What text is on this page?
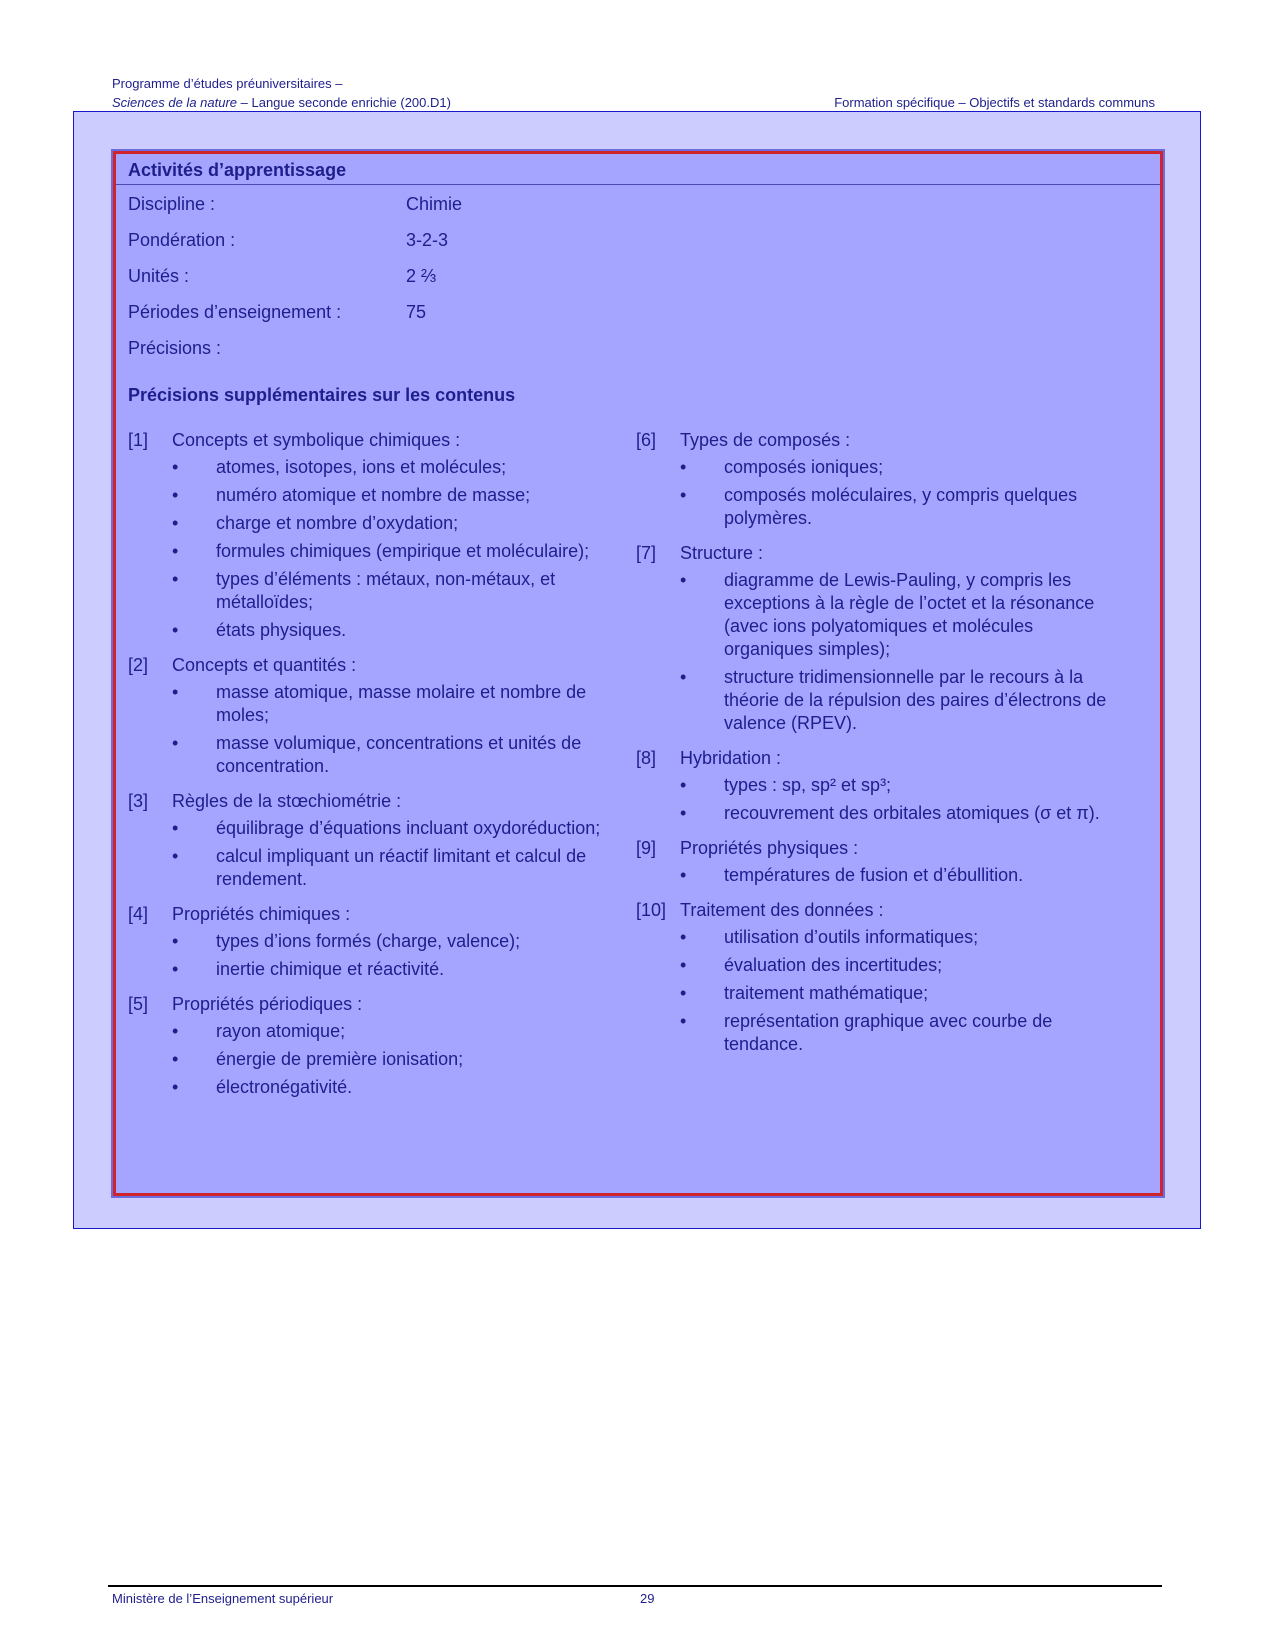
Programme d’études préuniversitaires –
Sciences de la nature – Langue seconde enrichie (200.D1)	Formation spécifique – Objectifs et standards communs
Activités d’apprentissage
Discipline :	Chimie
Pondération :	3-2-3
Unités :	2 ⅔
Périodes d’enseignement :	75
Précisions :
Précisions supplémentaires sur les contenus
[1]	Concepts et symbolique chimiques :
•	atomes, isotopes, ions et molécules;
•	numéro atomique et nombre de masse;
•	charge et nombre d’oxydation;
•	formules chimiques (empirique et moléculaire);
•	types d’éléments : métaux, non-métaux, et métalloïdes;
•	états physiques.
[2]	Concepts et quantités :
•	masse atomique, masse molaire et nombre de moles;
•	masse volumique, concentrations et unités de concentration.
[3]	Règles de la stœchiométrie :
•	équilibrage d’équations incluant oxydoréduction;
•	calcul impliquant un réactif limitant et calcul de rendement.
[4]	Propriétés chimiques :
•	types d’ions formés (charge, valence);
•	inertie chimique et réactivité.
[5]	Propriétés périodiques :
•	rayon atomique;
•	énergie de première ionisation;
•	électronégativité.
[6]	Types de composés :
•	composés ioniques;
•	composés moléculaires, y compris quelques polymères.
[7]	Structure :
•	diagramme de Lewis-Pauling, y compris les exceptions à la règle de l’octet et la résonance (avec ions polyatomiques et molécules organiques simples);
•	structure tridimensionnelle par le recours à la théorie de la répulsion des paires d’électrons de valence (RPEV).
[8]	Hybridation :
•	types : sp, sp² et sp³;
•	recouvrement des orbitales atomiques (σ et π).
[9]	Propriétés physiques :
•	températures de fusion et d’ébullition.
[10] Traitement des données :
•	utilisation d’outils informatiques;
•	évaluation des incertitudes;
•	traitement mathématique;
•	représentation graphique avec courbe de tendance.
Ministère de l’Enseignement supérieur	29
